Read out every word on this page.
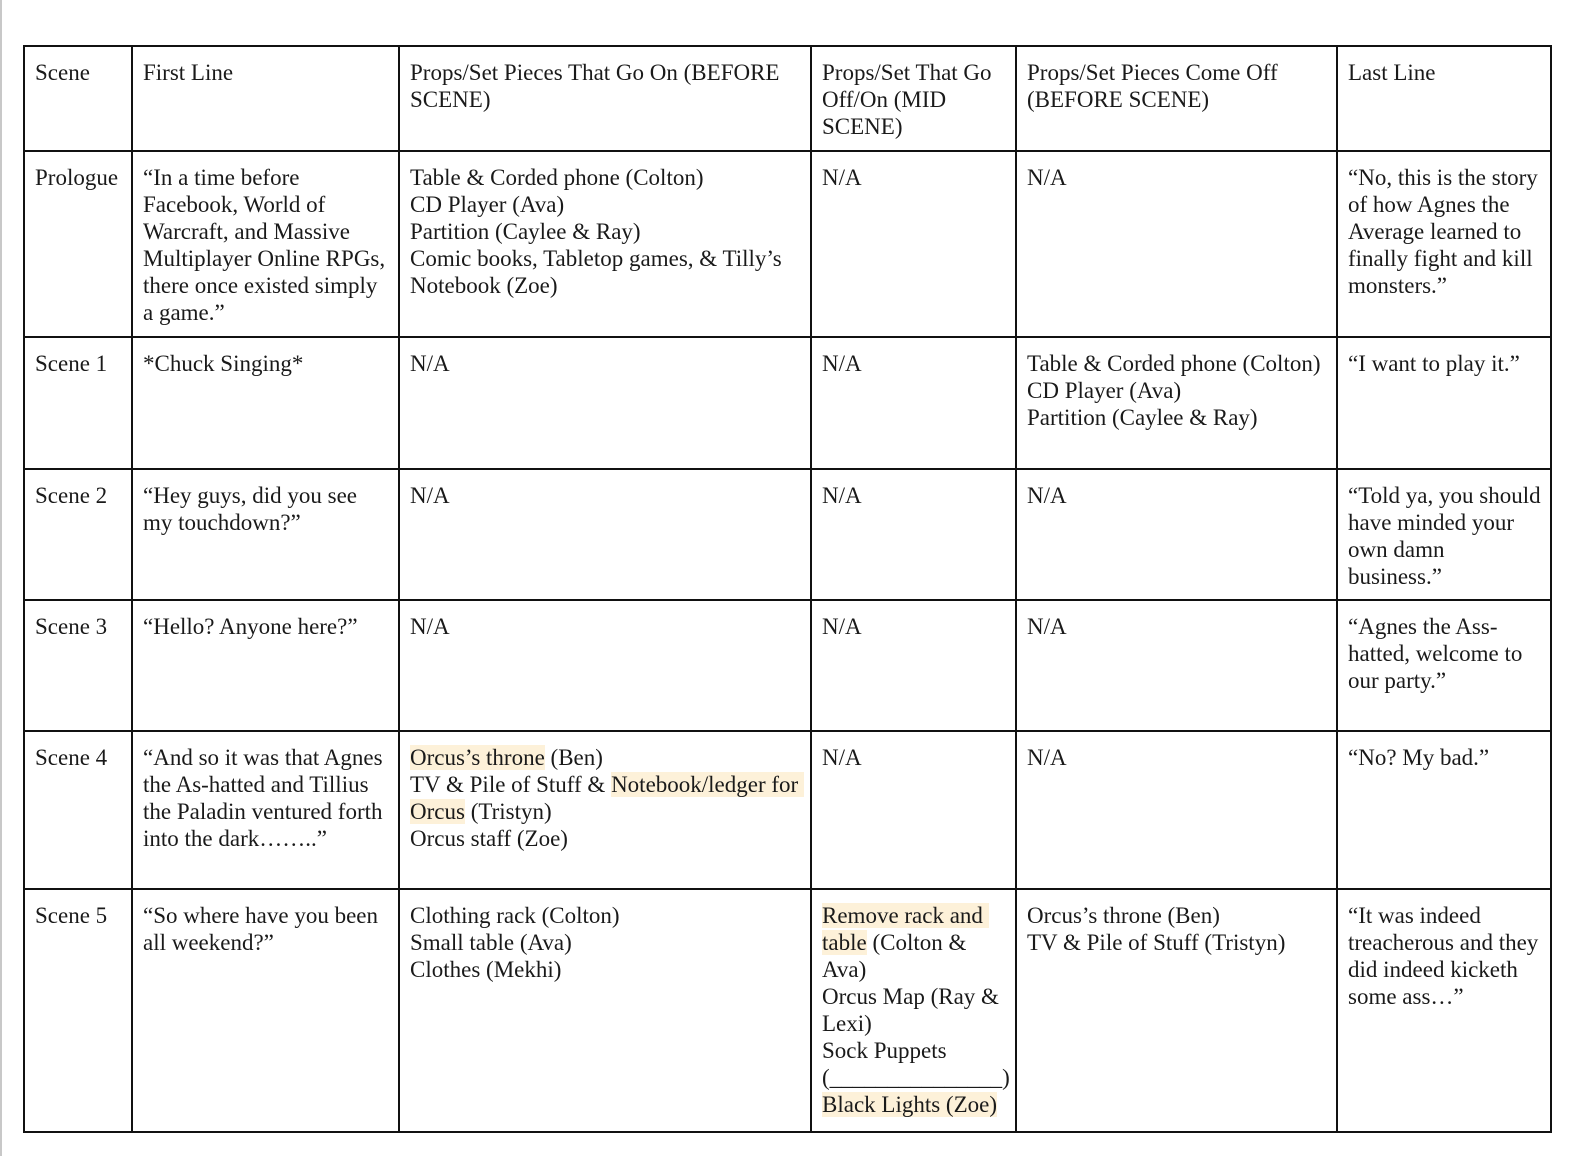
Scene	First Line	Props/Set Pieces That Go On (BEFORE SCENE)	Props/Set That Go Off/On (MID SCENE)	Props/Set Pieces Come Off (BEFORE SCENE)	Last Line
Prologue	“In a time before Facebook, World of Warcraft, and Massive Multiplayer Online RPGs, there once existed simply a game.”	Table & Corded phone (Colton)
CD Player (Ava)
Partition (Caylee & Ray)
Comic books, Tabletop games, & Tilly’s Notebook (Zoe)	N/A	N/A	“No, this is the story of how Agnes the Average learned to finally fight and kill monsters.”
Scene 1	*Chuck Singing*	N/A	N/A	Table & Corded phone (Colton)
CD Player (Ava)
Partition (Caylee & Ray)	“I want to play it.”
Scene 2	“Hey guys, did you see my touchdown?”	N/A	N/A	N/A	“Told ya, you should have minded your own damn business.”
Scene 3	“Hello? Anyone here?”	N/A	N/A	N/A	“Agnes the Ass-hatted, welcome to our party.”
Scene 4	“And so it was that Agnes the As-hatted and Tillius the Paladin ventured forth into the dark……..”	Orcus’s throne (Ben)
TV & Pile of Stuff & Notebook/ledger for Orcus (Tristyn)
Orcus staff (Zoe)	N/A	N/A	“No? My bad.”
Scene 5	“So where have you been all weekend?”	Clothing rack (Colton)
Small table (Ava)
Clothes (Mekhi)	Remove rack and table (Colton & Ava)
Orcus Map (Ray & Lexi)
Sock Puppets (_______________)
Black Lights (Zoe)	Orcus’s throne (Ben)
TV & Pile of Stuff (Tristyn)	“It was indeed treacherous and they did indeed kicketh some ass…”
